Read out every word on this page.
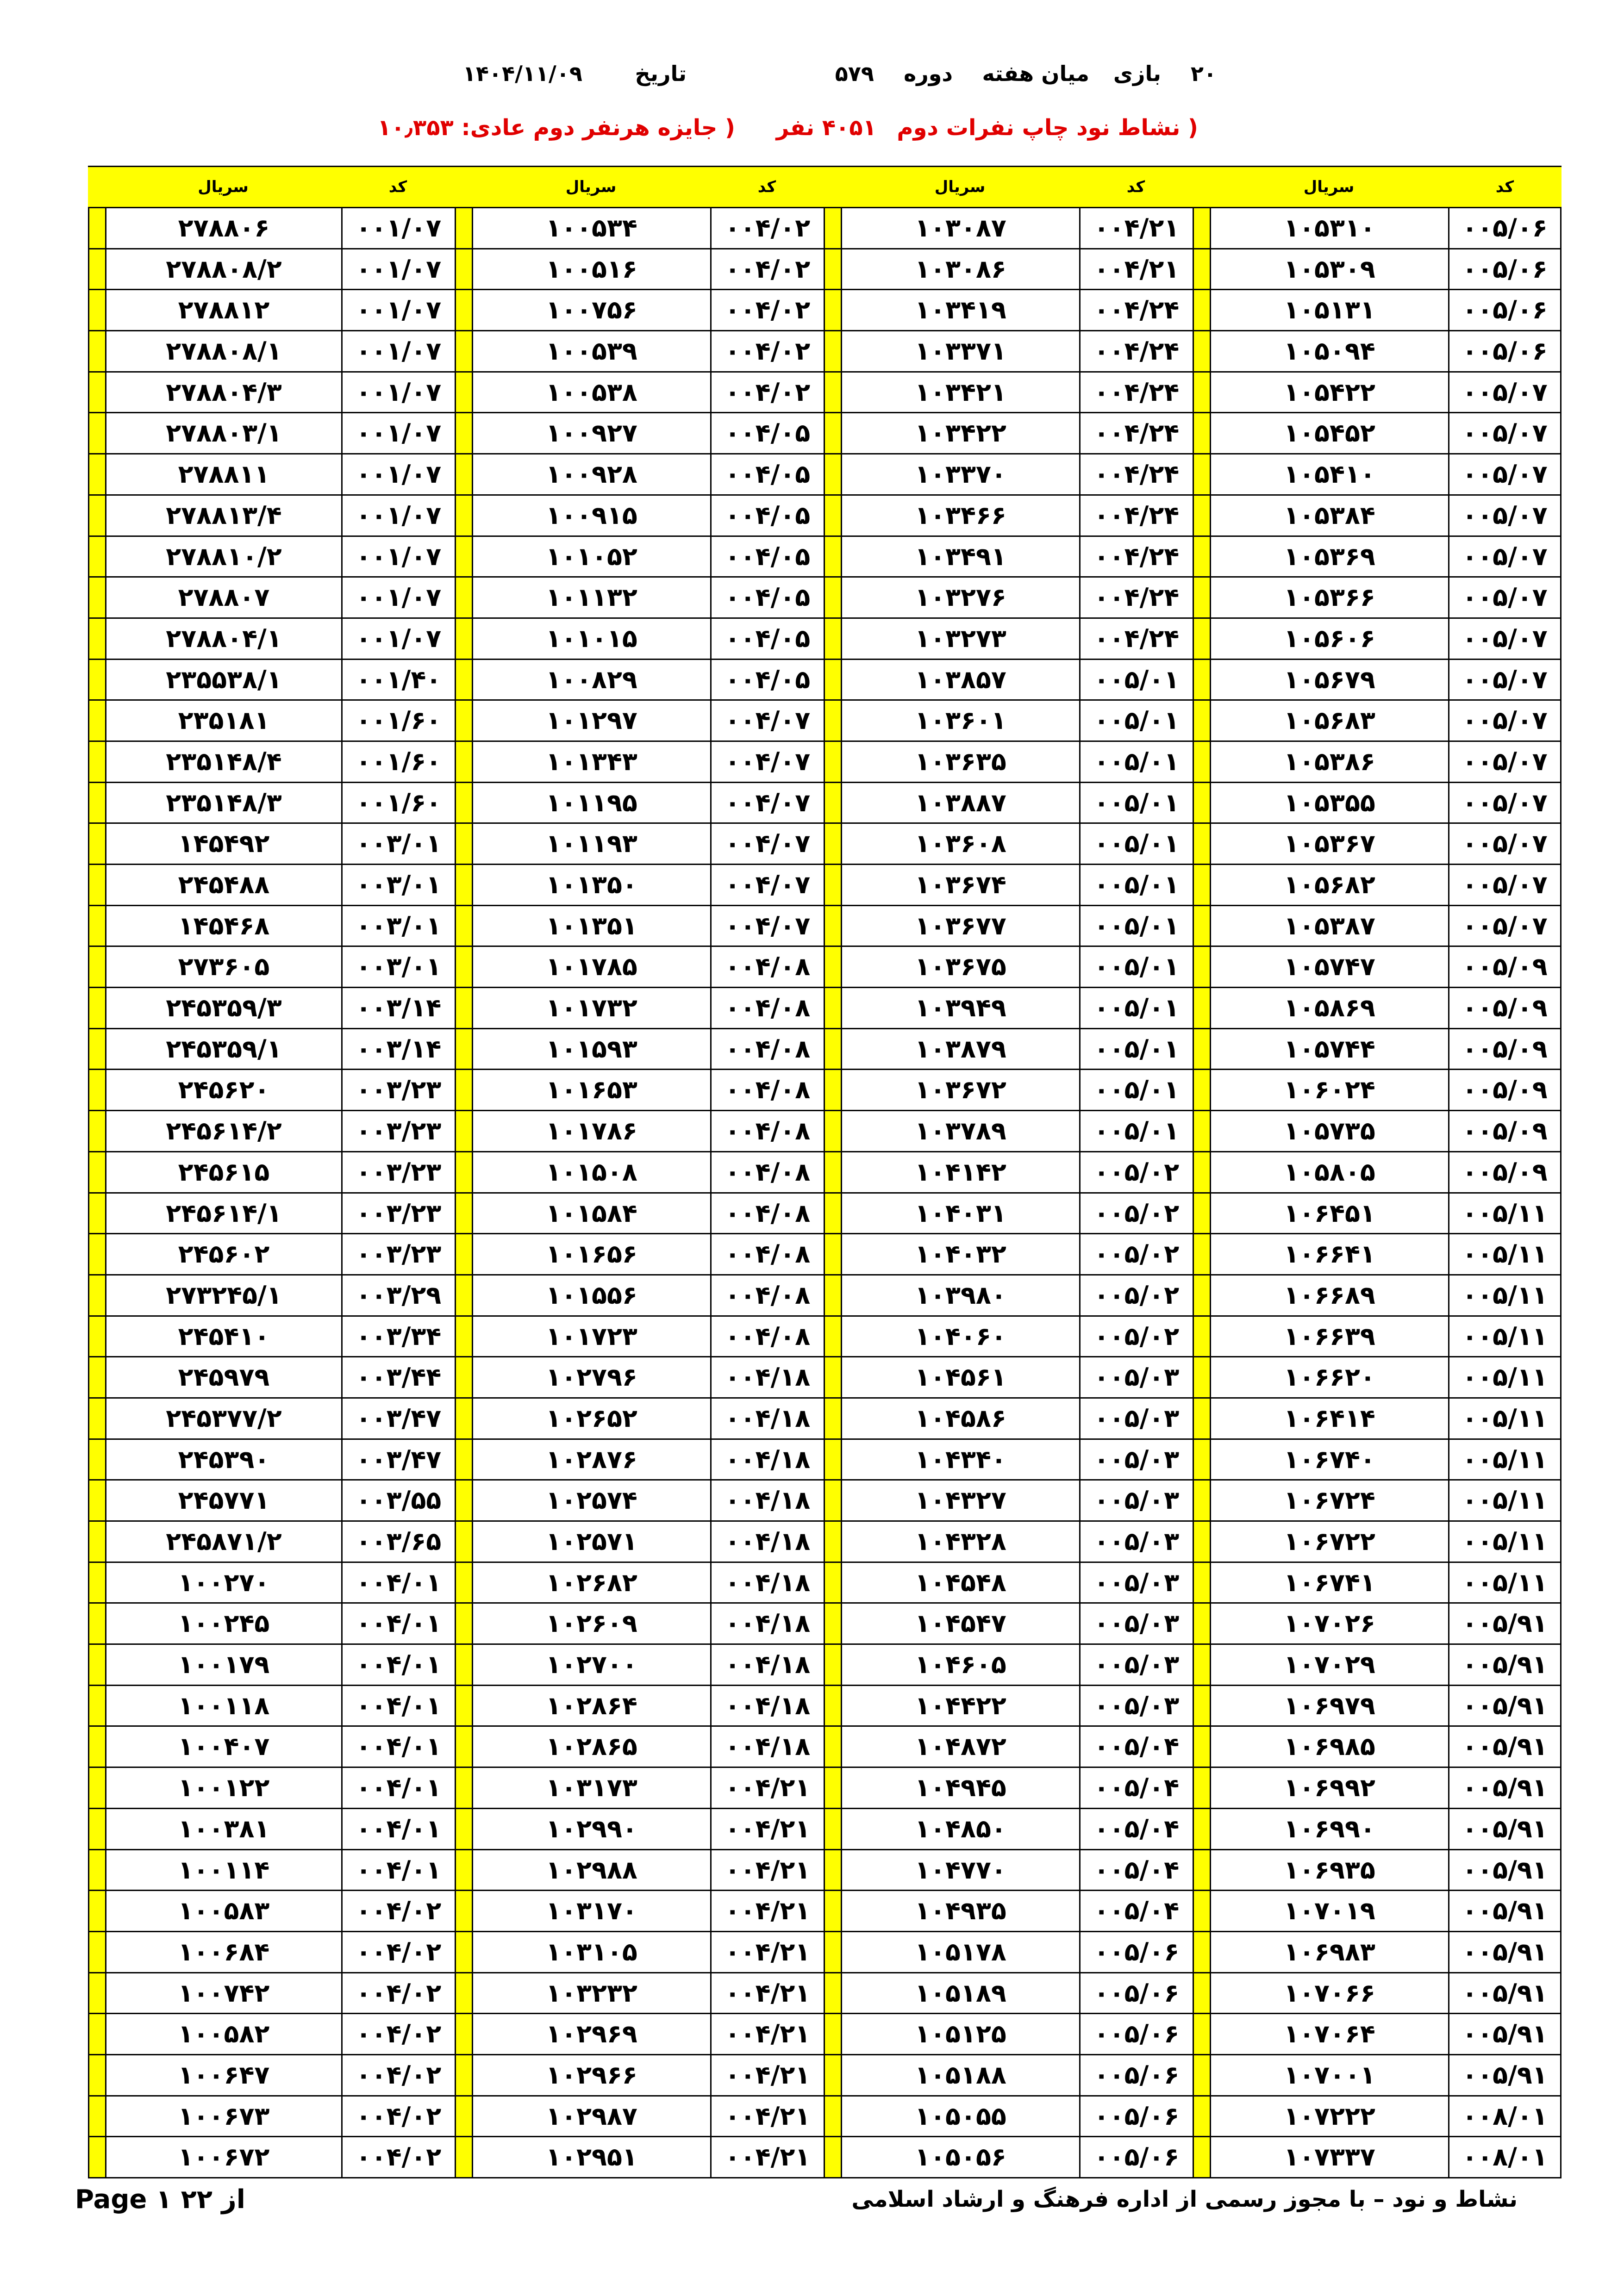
۲۰
بازی
میان هفته
دوره
۵۷۹
تاریخ
۱۴۰۴/۱۱/۰۹
( نشاط نود چاپ نفرات دوم
۴۰۵۱ نفر
( جایزه هرنفر دوم عادی: ۱۰٫۳۵۳
کد
سریال
کد
سریال
کد
سریال
کد
سریال
۰۰۵/۰۶
۱۰۵۳۱۰
۰۰۴/۲۱
۱۰۳۰۸۷
۰۰۴/۰۲
۱۰۰۵۳۴
۰۰۱/۰۷
۲۷۸۸۰۶
۰۰۵/۰۶
۱۰۵۳۰۹
۰۰۴/۲۱
۱۰۳۰۸۶
۰۰۴/۰۲
۱۰۰۵۱۶
۰۰۱/۰۷
۲۷۸۸۰۸/۲
۰۰۵/۰۶
۱۰۵۱۳۱
۰۰۴/۲۴
۱۰۳۴۱۹
۰۰۴/۰۲
۱۰۰۷۵۶
۰۰۱/۰۷
۲۷۸۸۱۲
۰۰۵/۰۶
۱۰۵۰۹۴
۰۰۴/۲۴
۱۰۳۳۷۱
۰۰۴/۰۲
۱۰۰۵۳۹
۰۰۱/۰۷
۲۷۸۸۰۸/۱
۰۰۵/۰۷
۱۰۵۴۲۲
۰۰۴/۲۴
۱۰۳۴۲۱
۰۰۴/۰۲
۱۰۰۵۳۸
۰۰۱/۰۷
۲۷۸۸۰۴/۳
۰۰۵/۰۷
۱۰۵۴۵۲
۰۰۴/۲۴
۱۰۳۴۲۲
۰۰۴/۰۵
۱۰۰۹۲۷
۰۰۱/۰۷
۲۷۸۸۰۳/۱
۰۰۵/۰۷
۱۰۵۴۱۰
۰۰۴/۲۴
۱۰۳۳۷۰
۰۰۴/۰۵
۱۰۰۹۲۸
۰۰۱/۰۷
۲۷۸۸۱۱
۰۰۵/۰۷
۱۰۵۳۸۴
۰۰۴/۲۴
۱۰۳۴۶۶
۰۰۴/۰۵
۱۰۰۹۱۵
۰۰۱/۰۷
۲۷۸۸۱۳/۴
۰۰۵/۰۷
۱۰۵۳۶۹
۰۰۴/۲۴
۱۰۳۴۹۱
۰۰۴/۰۵
۱۰۱۰۵۲
۰۰۱/۰۷
۲۷۸۸۱۰/۲
۰۰۵/۰۷
۱۰۵۳۶۶
۰۰۴/۲۴
۱۰۳۲۷۶
۰۰۴/۰۵
۱۰۱۱۳۲
۰۰۱/۰۷
۲۷۸۸۰۷
۰۰۵/۰۷
۱۰۵۶۰۶
۰۰۴/۲۴
۱۰۳۲۷۳
۰۰۴/۰۵
۱۰۱۰۱۵
۰۰۱/۰۷
۲۷۸۸۰۴/۱
۰۰۵/۰۷
۱۰۵۶۷۹
۰۰۵/۰۱
۱۰۳۸۵۷
۰۰۴/۰۵
۱۰۰۸۲۹
۰۰۱/۴۰
۲۳۵۵۳۸/۱
۰۰۵/۰۷
۱۰۵۶۸۳
۰۰۵/۰۱
۱۰۳۶۰۱
۰۰۴/۰۷
۱۰۱۲۹۷
۰۰۱/۶۰
۲۳۵۱۸۱
۰۰۵/۰۷
۱۰۵۳۸۶
۰۰۵/۰۱
۱۰۳۶۳۵
۰۰۴/۰۷
۱۰۱۳۴۳
۰۰۱/۶۰
۲۳۵۱۴۸/۴
۰۰۵/۰۷
۱۰۵۳۵۵
۰۰۵/۰۱
۱۰۳۸۸۷
۰۰۴/۰۷
۱۰۱۱۹۵
۰۰۱/۶۰
۲۳۵۱۴۸/۳
۰۰۵/۰۷
۱۰۵۳۶۷
۰۰۵/۰۱
۱۰۳۶۰۸
۰۰۴/۰۷
۱۰۱۱۹۳
۰۰۳/۰۱
۱۴۵۴۹۲
۰۰۵/۰۷
۱۰۵۶۸۲
۰۰۵/۰۱
۱۰۳۶۷۴
۰۰۴/۰۷
۱۰۱۳۵۰
۰۰۳/۰۱
۲۴۵۴۸۸
۰۰۵/۰۷
۱۰۵۳۸۷
۰۰۵/۰۱
۱۰۳۶۷۷
۰۰۴/۰۷
۱۰۱۳۵۱
۰۰۳/۰۱
۱۴۵۴۶۸
۰۰۵/۰۹
۱۰۵۷۴۷
۰۰۵/۰۱
۱۰۳۶۷۵
۰۰۴/۰۸
۱۰۱۷۸۵
۰۰۳/۰۱
۲۷۳۶۰۵
۰۰۵/۰۹
۱۰۵۸۶۹
۰۰۵/۰۱
۱۰۳۹۴۹
۰۰۴/۰۸
۱۰۱۷۳۲
۰۰۳/۱۴
۲۴۵۳۵۹/۳
۰۰۵/۰۹
۱۰۵۷۴۴
۰۰۵/۰۱
۱۰۳۸۷۹
۰۰۴/۰۸
۱۰۱۵۹۳
۰۰۳/۱۴
۲۴۵۳۵۹/۱
۰۰۵/۰۹
۱۰۶۰۲۴
۰۰۵/۰۱
۱۰۳۶۷۲
۰۰۴/۰۸
۱۰۱۶۵۳
۰۰۳/۲۳
۲۴۵۶۲۰
۰۰۵/۰۹
۱۰۵۷۳۵
۰۰۵/۰۱
۱۰۳۷۸۹
۰۰۴/۰۸
۱۰۱۷۸۶
۰۰۳/۲۳
۲۴۵۶۱۴/۲
۰۰۵/۰۹
۱۰۵۸۰۵
۰۰۵/۰۲
۱۰۴۱۴۲
۰۰۴/۰۸
۱۰۱۵۰۸
۰۰۳/۲۳
۲۴۵۶۱۵
۰۰۵/۱۱
۱۰۶۴۵۱
۰۰۵/۰۲
۱۰۴۰۳۱
۰۰۴/۰۸
۱۰۱۵۸۴
۰۰۳/۲۳
۲۴۵۶۱۴/۱
۰۰۵/۱۱
۱۰۶۶۴۱
۰۰۵/۰۲
۱۰۴۰۳۲
۰۰۴/۰۸
۱۰۱۶۵۶
۰۰۳/۲۳
۲۴۵۶۰۲
۰۰۵/۱۱
۱۰۶۶۸۹
۰۰۵/۰۲
۱۰۳۹۸۰
۰۰۴/۰۸
۱۰۱۵۵۶
۰۰۳/۲۹
۲۷۳۲۴۵/۱
۰۰۵/۱۱
۱۰۶۶۳۹
۰۰۵/۰۲
۱۰۴۰۶۰
۰۰۴/۰۸
۱۰۱۷۲۳
۰۰۳/۳۴
۲۴۵۴۱۰
۰۰۵/۱۱
۱۰۶۶۲۰
۰۰۵/۰۳
۱۰۴۵۶۱
۰۰۴/۱۸
۱۰۲۷۹۶
۰۰۳/۴۴
۲۴۵۹۷۹
۰۰۵/۱۱
۱۰۶۴۱۴
۰۰۵/۰۳
۱۰۴۵۸۶
۰۰۴/۱۸
۱۰۲۶۵۲
۰۰۳/۴۷
۲۴۵۳۷۷/۲
۰۰۵/۱۱
۱۰۶۷۴۰
۰۰۵/۰۳
۱۰۴۳۴۰
۰۰۴/۱۸
۱۰۲۸۷۶
۰۰۳/۴۷
۲۴۵۳۹۰
۰۰۵/۱۱
۱۰۶۷۲۴
۰۰۵/۰۳
۱۰۴۳۲۷
۰۰۴/۱۸
۱۰۲۵۷۴
۰۰۳/۵۵
۲۴۵۷۷۱
۰۰۵/۱۱
۱۰۶۷۲۲
۰۰۵/۰۳
۱۰۴۳۲۸
۰۰۴/۱۸
۱۰۲۵۷۱
۰۰۳/۶۵
۲۴۵۸۷۱/۲
۰۰۵/۱۱
۱۰۶۷۴۱
۰۰۵/۰۳
۱۰۴۵۴۸
۰۰۴/۱۸
۱۰۲۶۸۲
۰۰۴/۰۱
۱۰۰۲۷۰
۰۰۵/۹۱
۱۰۷۰۲۶
۰۰۵/۰۳
۱۰۴۵۴۷
۰۰۴/۱۸
۱۰۲۶۰۹
۰۰۴/۰۱
۱۰۰۲۴۵
۰۰۵/۹۱
۱۰۷۰۲۹
۰۰۵/۰۳
۱۰۴۶۰۵
۰۰۴/۱۸
۱۰۲۷۰۰
۰۰۴/۰۱
۱۰۰۱۷۹
۰۰۵/۹۱
۱۰۶۹۷۹
۰۰۵/۰۳
۱۰۴۴۲۲
۰۰۴/۱۸
۱۰۲۸۶۴
۰۰۴/۰۱
۱۰۰۱۱۸
۰۰۵/۹۱
۱۰۶۹۸۵
۰۰۵/۰۴
۱۰۴۸۷۲
۰۰۴/۱۸
۱۰۲۸۶۵
۰۰۴/۰۱
۱۰۰۴۰۷
۰۰۵/۹۱
۱۰۶۹۹۲
۰۰۵/۰۴
۱۰۴۹۴۵
۰۰۴/۲۱
۱۰۳۱۷۳
۰۰۴/۰۱
۱۰۰۱۲۲
۰۰۵/۹۱
۱۰۶۹۹۰
۰۰۵/۰۴
۱۰۴۸۵۰
۰۰۴/۲۱
۱۰۲۹۹۰
۰۰۴/۰۱
۱۰۰۳۸۱
۰۰۵/۹۱
۱۰۶۹۳۵
۰۰۵/۰۴
۱۰۴۷۷۰
۰۰۴/۲۱
۱۰۲۹۸۸
۰۰۴/۰۱
۱۰۰۱۱۴
۰۰۵/۹۱
۱۰۷۰۱۹
۰۰۵/۰۴
۱۰۴۹۳۵
۰۰۴/۲۱
۱۰۳۱۷۰
۰۰۴/۰۲
۱۰۰۵۸۳
۰۰۵/۹۱
۱۰۶۹۸۳
۰۰۵/۰۶
۱۰۵۱۷۸
۰۰۴/۲۱
۱۰۳۱۰۵
۰۰۴/۰۲
۱۰۰۶۸۴
۰۰۵/۹۱
۱۰۷۰۶۶
۰۰۵/۰۶
۱۰۵۱۸۹
۰۰۴/۲۱
۱۰۳۲۳۲
۰۰۴/۰۲
۱۰۰۷۴۲
۰۰۵/۹۱
۱۰۷۰۶۴
۰۰۵/۰۶
۱۰۵۱۲۵
۰۰۴/۲۱
۱۰۲۹۶۹
۰۰۴/۰۲
۱۰۰۵۸۲
۰۰۵/۹۱
۱۰۷۰۰۱
۰۰۵/۰۶
۱۰۵۱۸۸
۰۰۴/۲۱
۱۰۲۹۶۶
۰۰۴/۰۲
۱۰۰۶۴۷
۰۰۸/۰۱
۱۰۷۲۲۲
۰۰۵/۰۶
۱۰۵۰۵۵
۰۰۴/۲۱
۱۰۲۹۸۷
۰۰۴/۰۲
۱۰۰۶۷۳
۰۰۸/۰۱
۱۰۷۳۳۷
۰۰۵/۰۶
۱۰۵۰۵۶
۰۰۴/۲۱
۱۰۲۹۵۱
۰۰۴/۰۲
۱۰۰۶۷۲
Page ۱ ۲۲ از	نشاط و نود – با مجوز رسمی از اداره فرهنگ و ارشاد اسلامی
